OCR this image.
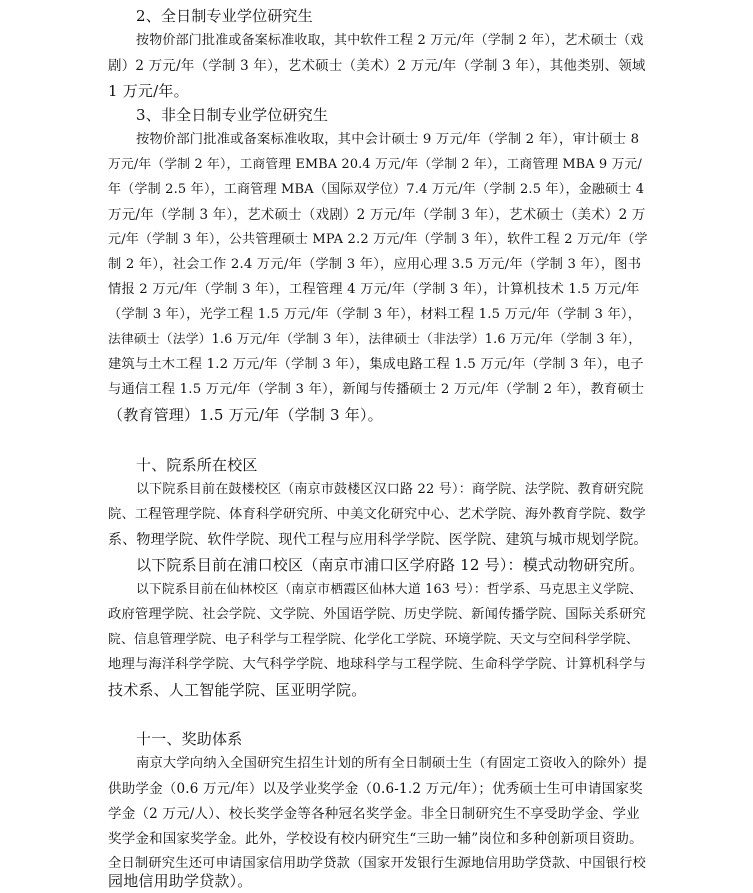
2、全日制专业学位研究生
按物价部门批准或备案标准收取，其中软件工程 2 万元/年（学制 2 年），艺术硕士（戏
剧）2 万元/年（学制 3 年），艺术硕士（美术）2 万元/年（学制 3 年），其他类别、领域
1 万元/年。
3、非全日制专业学位研究生
按物价部门批准或备案标准收取，其中会计硕士 9 万元/年（学制 2 年），审计硕士 8
万元/年（学制 2 年），工商管理 EMBA 20.4 万元/年（学制 2 年），工商管理 MBA 9 万元/
年（学制 2.5 年），工商管理 MBA（国际双学位）7.4 万元/年（学制 2.5 年），金融硕士 4
万元/年（学制 3 年），艺术硕士（戏剧）2 万元/年（学制 3 年），艺术硕士（美术）2 万
元/年（学制 3 年），公共管理硕士 MPA 2.2 万元/年（学制 3 年），软件工程 2 万元/年（学
制 2 年），社会工作 2.4 万元/年（学制 3 年），应用心理 3.5 万元/年（学制 3 年），图书
情报 2 万元/年（学制 3 年），工程管理 4 万元/年（学制 3 年），计算机技术 1.5 万元/年
（学制 3 年），光学工程 1.5 万元/年（学制 3 年），材料工程 1.5 万元/年（学制 3 年），
法律硕士（法学）1.6 万元/年（学制 3 年），法律硕士（非法学）1.6 万元/年（学制 3 年），
建筑与土木工程 1.2 万元/年（学制 3 年），集成电路工程 1.5 万元/年（学制 3 年），电子
与通信工程 1.5 万元/年（学制 3 年），新闻与传播硕士 2 万元/年（学制 2 年），教育硕士
（教育管理）1.5 万元/年（学制 3 年）。
十、院系所在校区
以下院系目前在鼓楼校区（南京市鼓楼区汉口路 22 号）：商学院、法学院、教育研究院
院、工程管理学院、体育科学研究所、中美文化研究中心、艺术学院、海外教育学院、数学
系、物理学院、软件学院、现代工程与应用科学学院、医学院、建筑与城市规划学院。
以下院系目前在浦口校区（南京市浦口区学府路 12 号）：模式动物研究所。
以下院系目前在仙林校区（南京市栖霞区仙林大道 163 号）：哲学系、马克思主义学院、
政府管理学院、社会学院、文学院、外国语学院、历史学院、新闻传播学院、国际关系研究
院、信息管理学院、电子科学与工程学院、化学化工学院、环境学院、天文与空间科学学院、
地理与海洋科学学院、大气科学学院、地球科学与工程学院、生命科学学院、计算机科学与
技术系、人工智能学院、匡亚明学院。
十一、奖助体系
南京大学向纳入全国研究生招生计划的所有全日制硕士生（有固定工资收入的除外）提
供助学金（0.6 万元/年）以及学业奖学金（0.6-1.2 万元/年）；优秀硕士生可申请国家奖
学金（2 万元/人）、校长奖学金等各种冠名奖学金。非全日制研究生不享受助学金、学业
奖学金和国家奖学金。此外，学校设有校内研究生“三助一辅”岗位和多种创新项目资助。
全日制研究生还可申请国家信用助学贷款（国家开发银行生源地信用助学贷款、中国银行校
园地信用助学贷款）。
